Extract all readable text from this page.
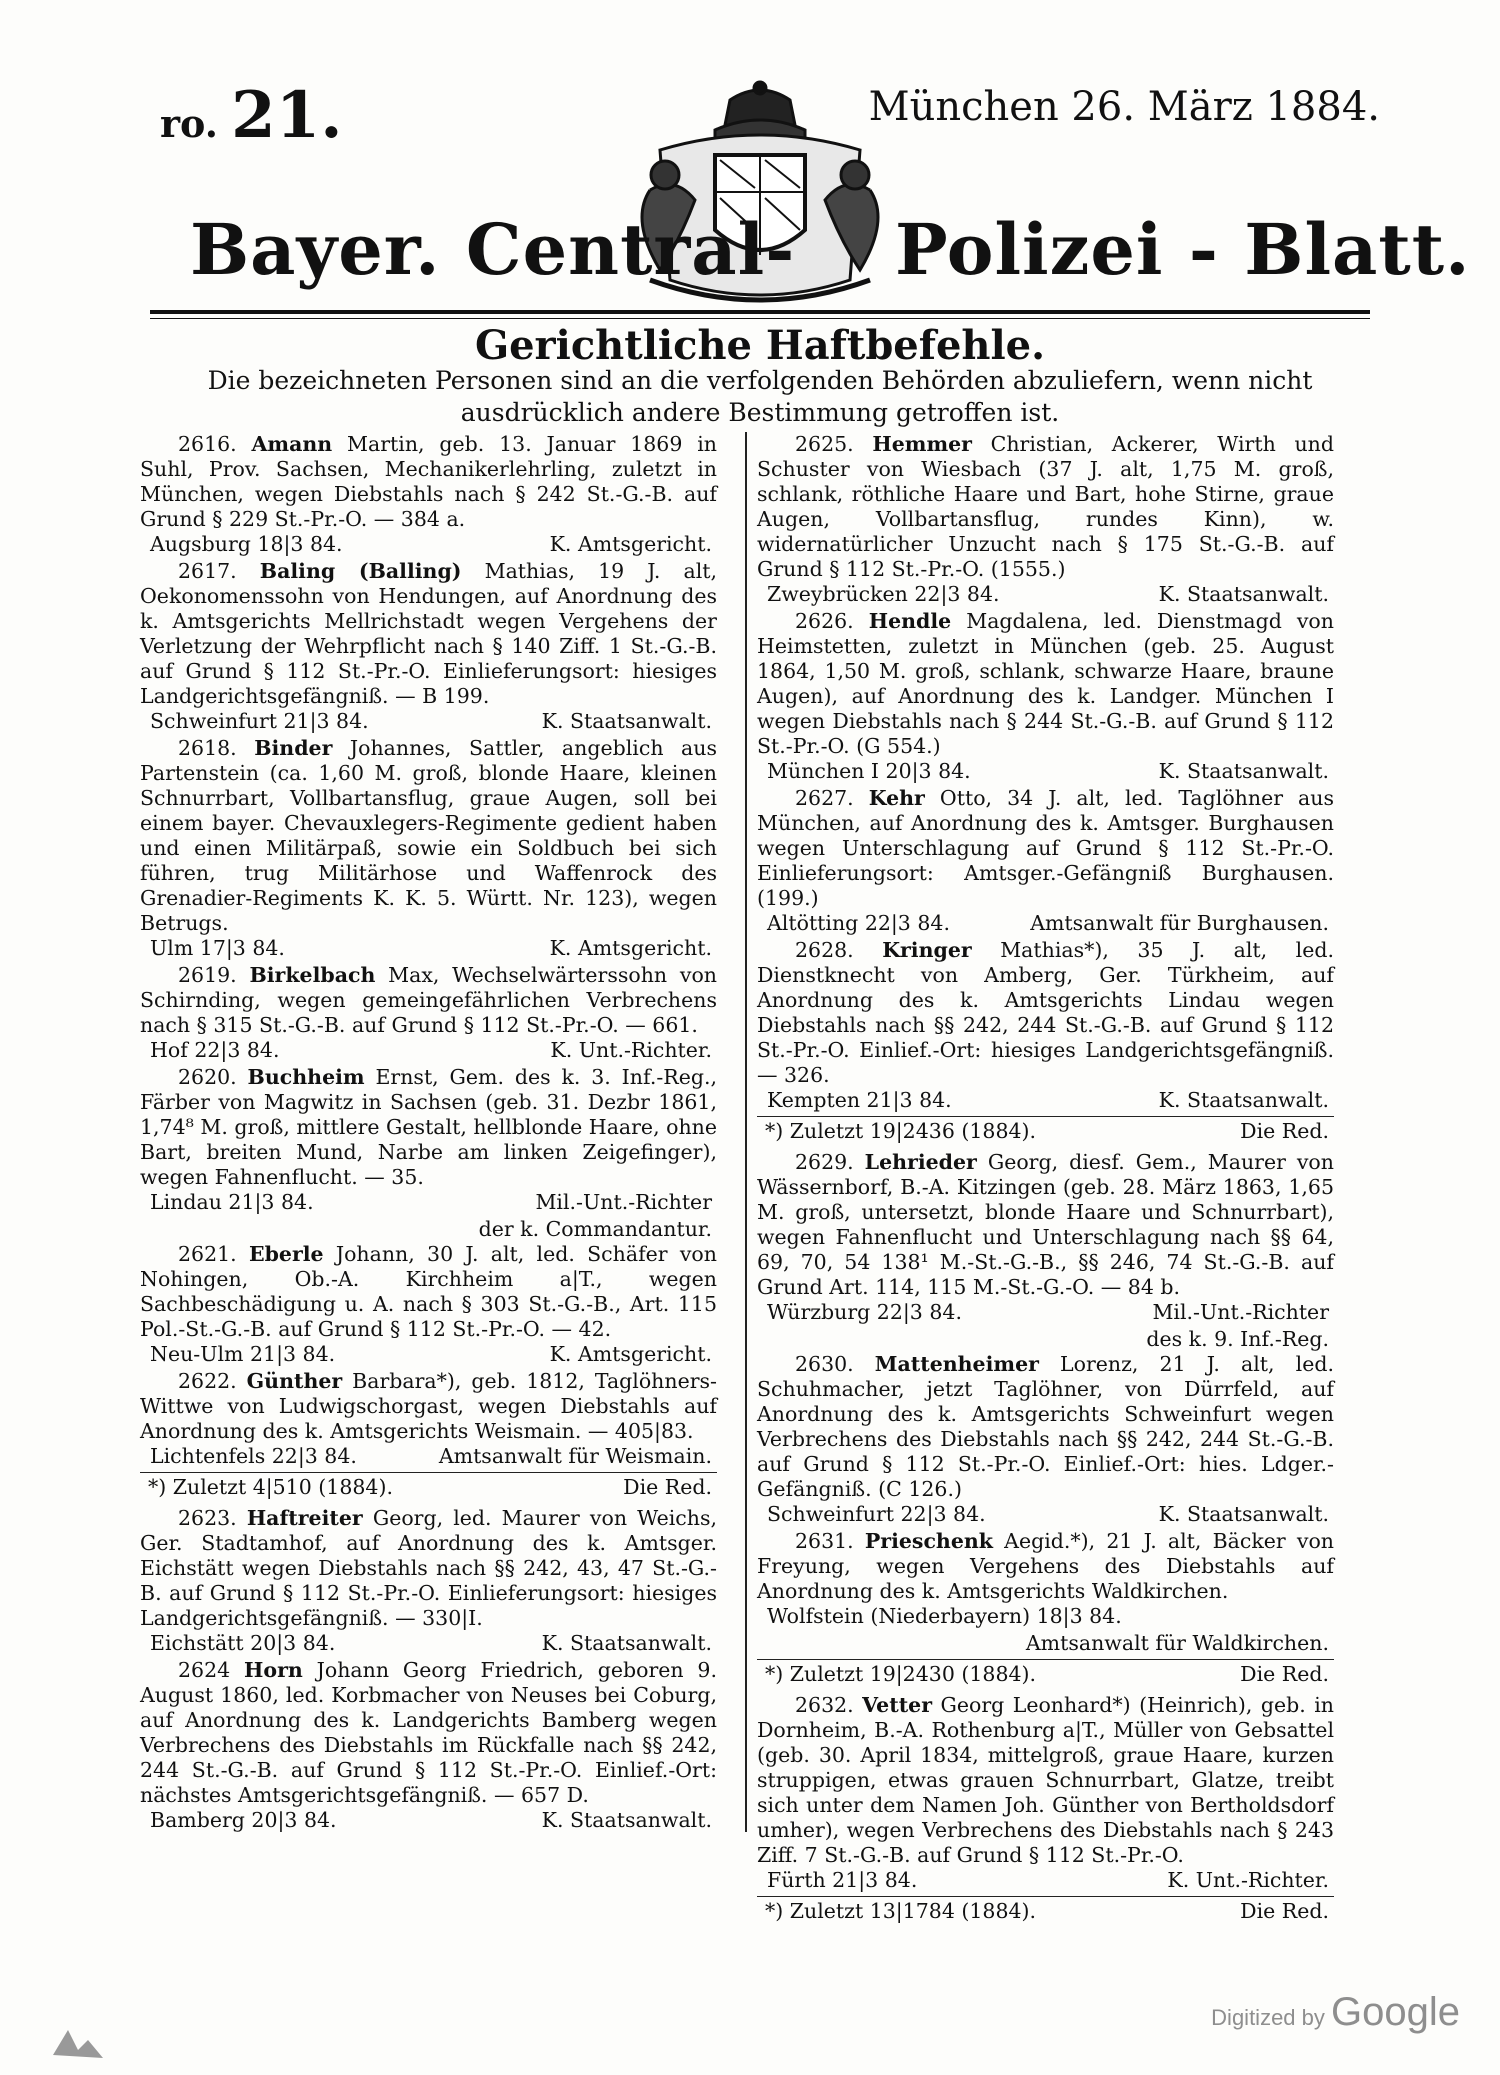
ro. 21.	München 26. März 1884.
Bayer. Central- Polizei - Blatt.
Gerichtliche Haftbefehle.
Die bezeichneten Personen sind an die verfolgenden Behörden abzuliefern, wenn nicht ausdrücklich andere Bestimmung getroffen ist.

2616. Amann Martin, geb. 13. Januar 1869 in Suhl, Prov. Sachsen, Mechanikerlehrling, zuletzt in München, wegen Diebstahls nach § 242 St.-G.-B. auf Grund § 229 St.-Pr.-O. — 384 a.

Augsburg 18|3 84.	K. Amtsgericht.

2617. Baling (Balling) Mathias, 19 J. alt, Oekonomenssohn von Hendungen, auf Anordnung des k. Amtsgerichts Mellrichstadt wegen Vergehens der Verletzung der Wehrpflicht nach § 140 Ziff. 1 St.-G.-B. auf Grund § 112 St.-Pr.-O. Einlieferungsort: hiesiges Landgerichtsgefängniß. — B 199.

Schweinfurt 21|3 84.	K. Staatsanwalt.

2618. Binder Johannes, Sattler, angeblich aus Partenstein (ca. 1,60 M. groß, blonde Haare, kleinen Schnurrbart, Vollbartansflug, graue Augen, soll bei einem bayer. Chevauxlegers-Regimente gedient haben und einen Militärpaß, sowie ein Soldbuch bei sich führen, trug Militärhose und Waffenrock des Grenadier-Regiments K. K. 5. Württ. Nr. 123), wegen Betrugs.

Ulm 17|3 84.	K. Amtsgericht.

2619. Birkelbach Max, Wechselwärterssohn von Schirnding, wegen gemeingefährlichen Verbrechens nach § 315 St.-G.-B. auf Grund § 112 St.-Pr.-O. — 661.

Hof 22|3 84.	K. Unt.-Richter.

2620. Buchheim Ernst, Gem. des k. 3. Inf.-Reg., Färber von Magwitz in Sachsen (geb. 31. Dezbr 1861, 1,74⁸ M. groß, mittlere Gestalt, hellblonde Haare, ohne Bart, breiten Mund, Narbe am linken Zeigefinger), wegen Fahnenflucht. — 35.

Lindau 21|3 84.	Mil.-Unt.-Richter

der k. Commandantur.

2621. Eberle Johann, 30 J. alt, led. Schäfer von Nohingen, Ob.-A. Kirchheim a|T., wegen Sachbeschädigung u. A. nach § 303 St.-G.-B., Art. 115 Pol.-St.-G.-B. auf Grund § 112 St.-Pr.-O. — 42.

Neu-Ulm 21|3 84.	K. Amtsgericht.

2622. Günther Barbara*), geb. 1812, Taglöhners-Wittwe von Ludwigschorgast, wegen Diebstahls auf Anordnung des k. Amtsgerichts Weismain. — 405|83.

Lichtenfels 22|3 84.	Amtsanwalt für Weismain.
*) Zuletzt 4|510 (1884).	Die Red.

2623. Haftreiter Georg, led. Maurer von Weichs, Ger. Stadtamhof, auf Anordnung des k. Amtsger. Eichstätt wegen Diebstahls nach §§ 242, 43, 47 St.-G.-B. auf Grund § 112 St.-Pr.-O. Einlieferungsort: hiesiges Landgerichtsgefängniß. — 330|I.

Eichstätt 20|3 84.	K. Staatsanwalt.

2624 Horn Johann Georg Friedrich, geboren 9. August 1860, led. Korbmacher von Neuses bei Coburg, auf Anordnung des k. Landgerichts Bamberg wegen Verbrechens des Diebstahls im Rückfalle nach §§ 242, 244 St.-G.-B. auf Grund § 112 St.-Pr.-O. Einlief.-Ort: nächstes Amtsgerichtsgefängniß. — 657 D.

Bamberg 20|3 84.	K. Staatsanwalt.

2625. Hemmer Christian, Ackerer, Wirth und Schuster von Wiesbach (37 J. alt, 1,75 M. groß, schlank, röthliche Haare und Bart, hohe Stirne, graue Augen, Vollbartansflug, rundes Kinn), w. widernatürlicher Unzucht nach § 175 St.-G.-B. auf Grund § 112 St.-Pr.-O. (1555.)

Zweybrücken 22|3 84.	K. Staatsanwalt.

2626. Hendle Magdalena, led. Dienstmagd von Heimstetten, zuletzt in München (geb. 25. August 1864, 1,50 M. groß, schlank, schwarze Haare, braune Augen), auf Anordnung des k. Landger. München I wegen Diebstahls nach § 244 St.-G.-B. auf Grund § 112 St.-Pr.-O. (G 554.)

München I 20|3 84.	K. Staatsanwalt.

2627. Kehr Otto, 34 J. alt, led. Taglöhner aus München, auf Anordnung des k. Amtsger. Burghausen wegen Unterschlagung auf Grund § 112 St.-Pr.-O. Einlieferungsort: Amtsger.-Gefängniß Burghausen. (199.)

Altötting 22|3 84.	Amtsanwalt für Burghausen.

2628. Kringer Mathias*), 35 J. alt, led. Dienstknecht von Amberg, Ger. Türkheim, auf Anordnung des k. Amtsgerichts Lindau wegen Diebstahls nach §§ 242, 244 St.-G.-B. auf Grund § 112 St.-Pr.-O. Einlief.-Ort: hiesiges Landgerichtsgefängniß. — 326.

Kempten 21|3 84.	K. Staatsanwalt.
*) Zuletzt 19|2436 (1884).	Die Red.

2629. Lehrieder Georg, diesf. Gem., Maurer von Wässernborf, B.-A. Kitzingen (geb. 28. März 1863, 1,65 M. groß, untersetzt, blonde Haare und Schnurrbart), wegen Fahnenflucht und Unterschlagung nach §§ 64, 69, 70, 54 138¹ M.-St.-G.-B., §§ 246, 74 St.-G.-B. auf Grund Art. 114, 115 M.-St.-G.-O. — 84 b.

Würzburg 22|3 84.	Mil.-Unt.-Richter

des k. 9. Inf.-Reg.

2630. Mattenheimer Lorenz, 21 J. alt, led. Schuhmacher, jetzt Taglöhner, von Dürrfeld, auf Anordnung des k. Amtsgerichts Schweinfurt wegen Verbrechens des Diebstahls nach §§ 242, 244 St.-G.-B. auf Grund § 112 St.-Pr.-O. Einlief.-Ort: hies. Ldger.-Gefängniß. (C 126.)

Schweinfurt 22|3 84.	K. Staatsanwalt.

2631. Prieschenk Aegid.*), 21 J. alt, Bäcker von Freyung, wegen Vergehens des Diebstahls auf Anordnung des k. Amtsgerichts Waldkirchen.

Wolfstein (Niederbayern) 18|3 84.

Amtsanwalt für Waldkirchen.

*) Zuletzt 19|2430 (1884).	Die Red.

2632. Vetter Georg Leonhard*) (Heinrich), geb. in Dornheim, B.-A. Rothenburg a|T., Müller von Gebsattel (geb. 30. April 1834, mittelgroß, graue Haare, kurzen struppigen, etwas grauen Schnurrbart, Glatze, treibt sich unter dem Namen Joh. Günther von Bertholdsdorf umher), wegen Verbrechens des Diebstahls nach § 243 Ziff. 7 St.-G.-B. auf Grund § 112 St.-Pr.-O.

Fürth 21|3 84.	K. Unt.-Richter.
*) Zuletzt 13|1784 (1884).	Die Red.
Digitized by Google
